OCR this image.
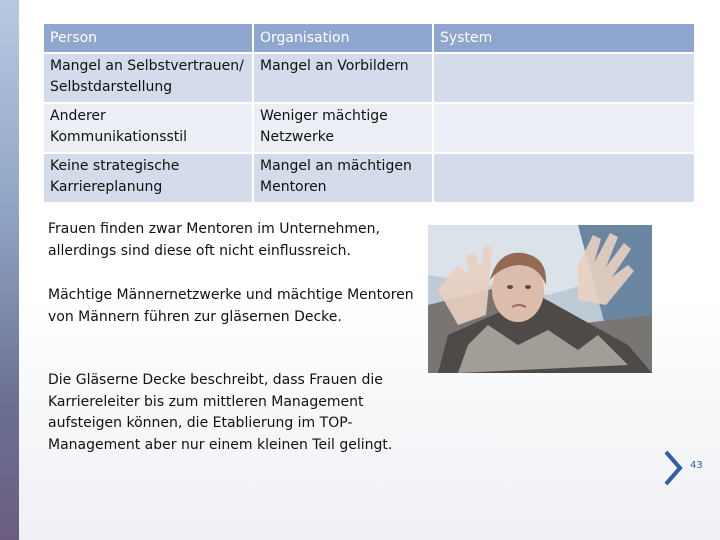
Person	Organisation	System
Mangel an Selbstvertrauen/ Selbstdarstellung	Mangel an Vorbildern	
Anderer Kommunikationsstil	Weniger mächtige Netzwerke	
Keine strategische Karriereplanung	Mangel an mächtigen Mentoren	
Frauen finden zwar Mentoren im Unternehmen, allerdings sind diese oft nicht einflussreich.
Mächtige Männernetzwerke und mächtige Mentoren von Männern führen zur gläsernen Decke.
Die Gläserne Decke beschreibt, dass Frauen die Karriereleiter bis zum mittleren Management aufsteigen können, die Etablierung im TOP-Management aber nur einem kleinen Teil gelingt.
43
